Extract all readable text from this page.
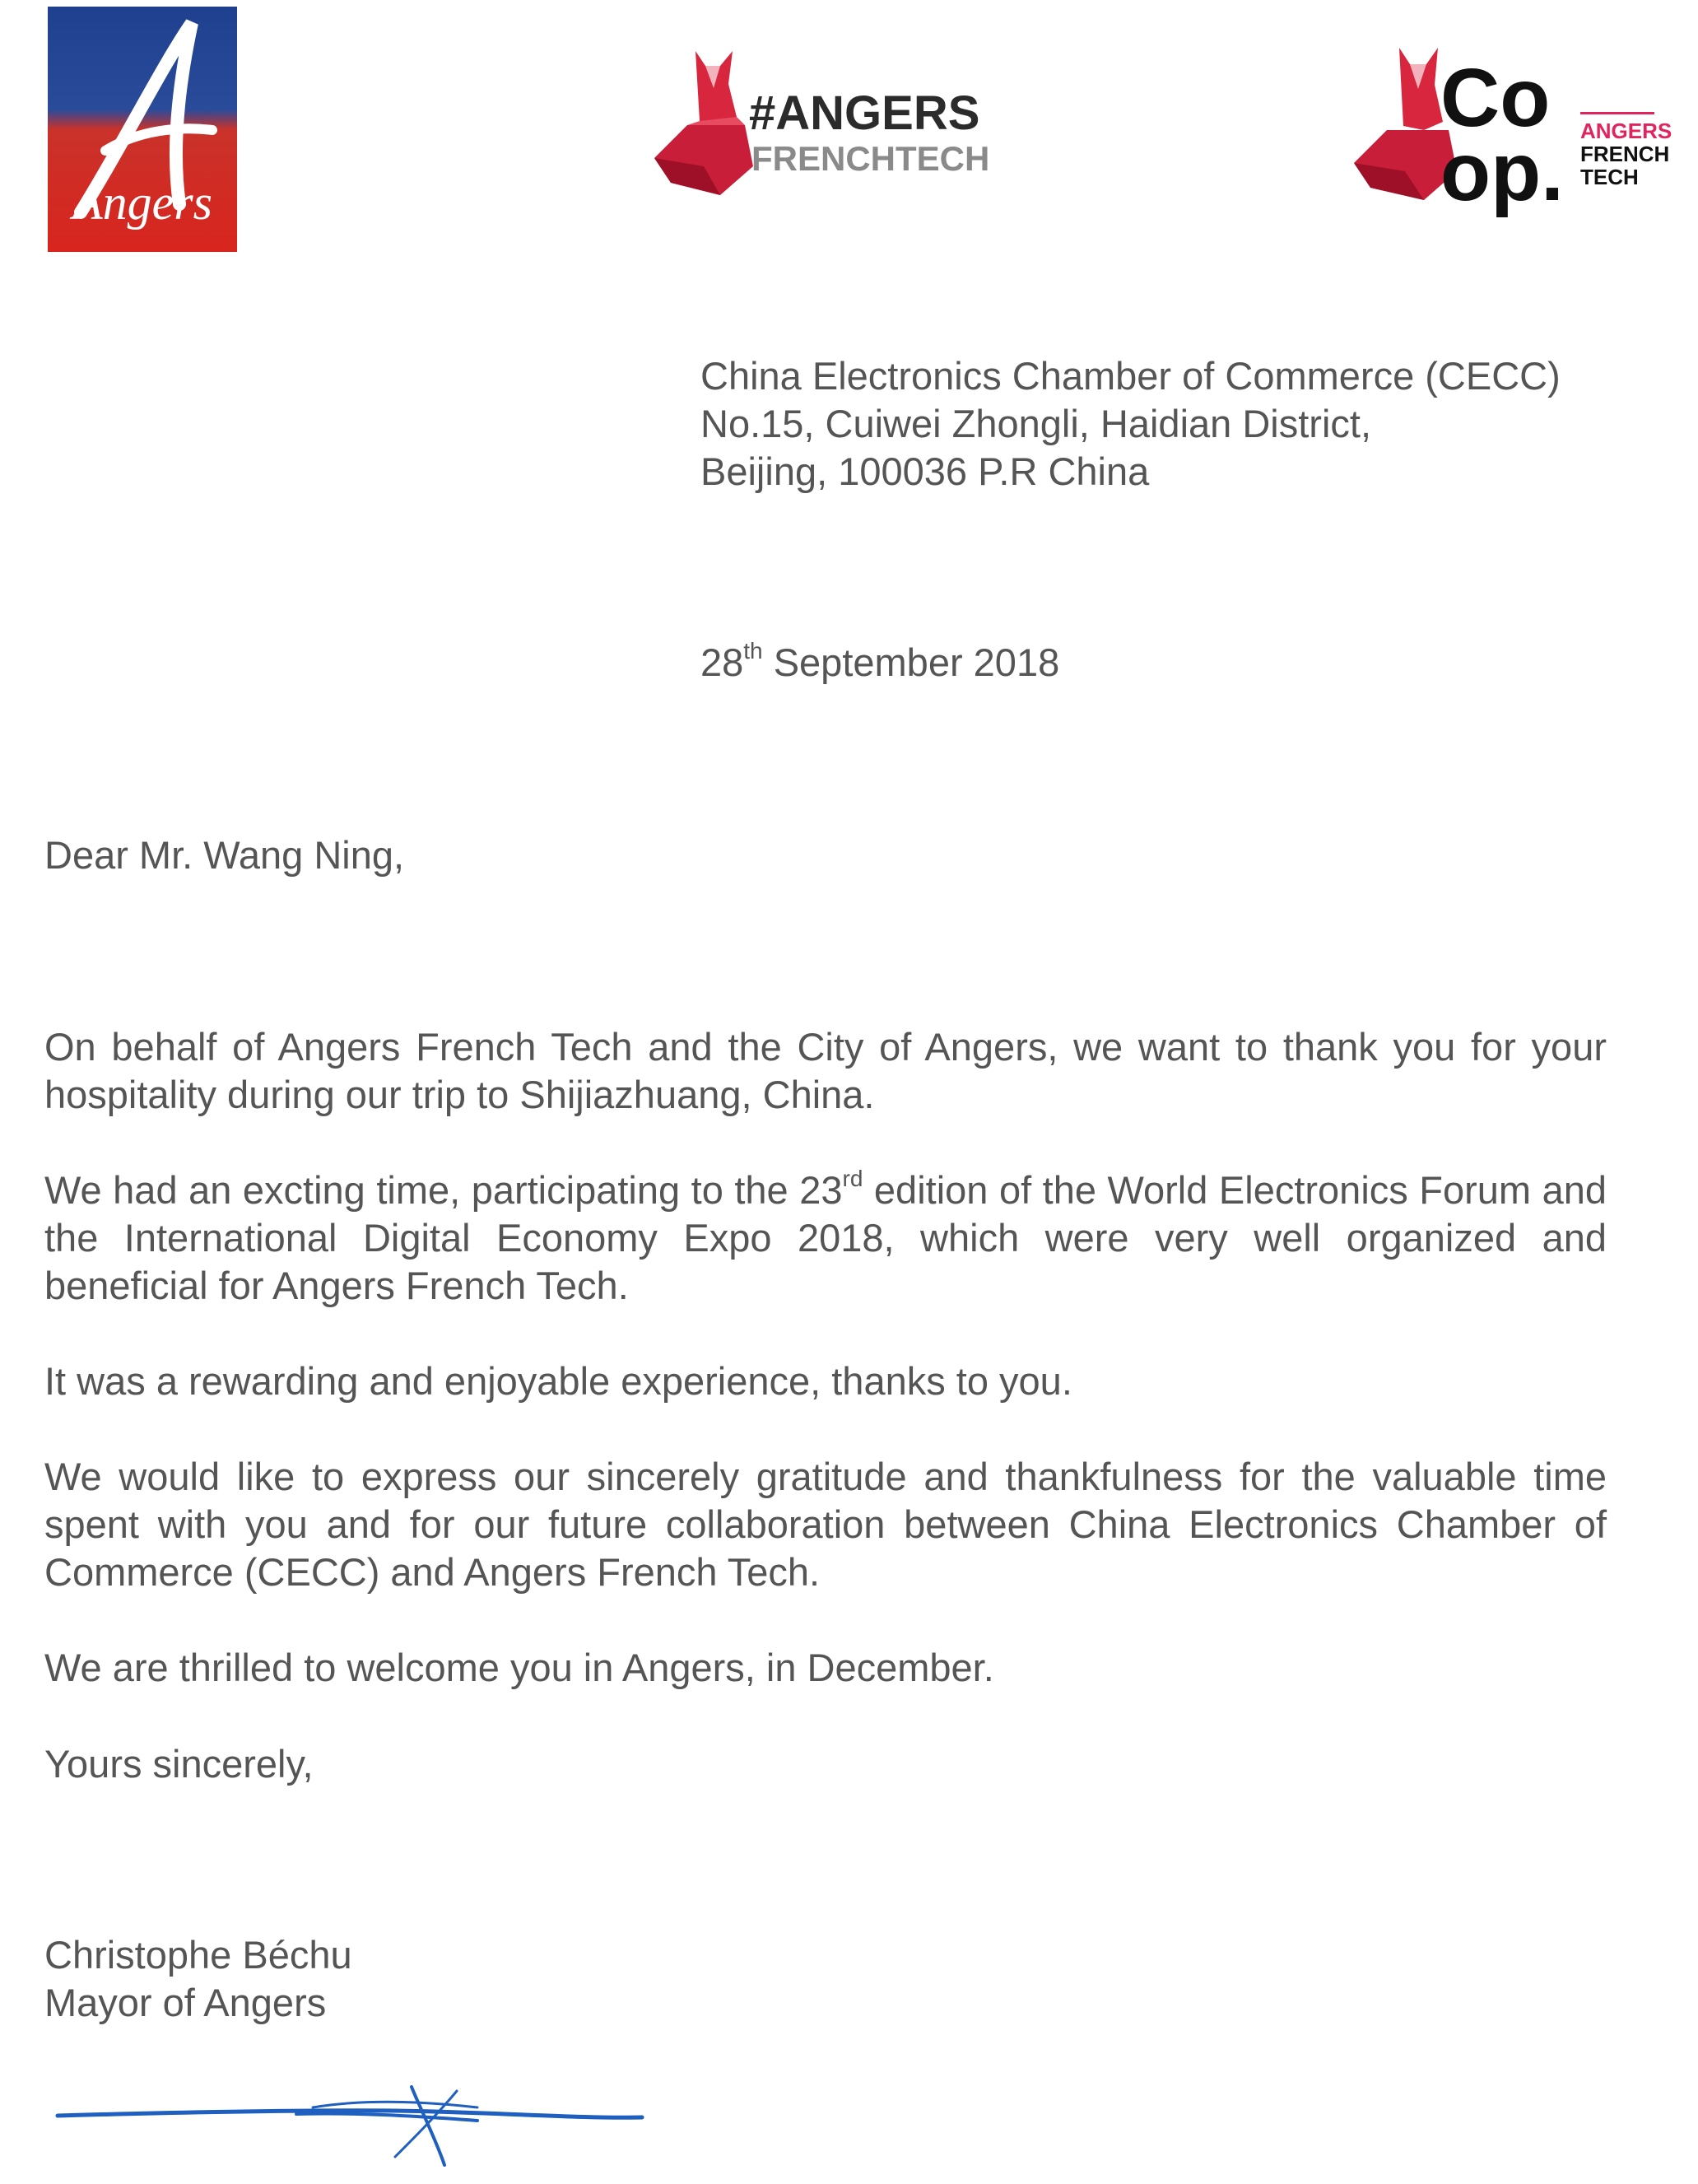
Angers
#ANGERS
FRENCHTECH
Co
op. ANGERS
FRENCH
TECH
China Electronics Chamber of Commerce (CECC)
No.15, Cuiwei Zhongli, Haidian District,
Beijing, 100036 P.R China
28th September 2018
Dear Mr. Wang Ning,

On behalf of Angers French Tech and the City of Angers, we want to thank you for your hospitality during our trip to Shijiazhuang, China.

We had an excting time, participating to the 23rd edition of the World Electronics Forum and the International Digital Economy Expo 2018, which were very well organized and beneficial for Angers French Tech.

It was a rewarding and enjoyable experience, thanks to you.

We would like to express our sincerely gratitude and thankfulness for the valuable time spent with you and for our future collaboration between China Electronics Chamber of Commerce (CECC) and Angers French Tech.

We are thrilled to welcome you in Angers, in December.

Yours sincerely,
Christophe Béchu
Mayor of Angers
